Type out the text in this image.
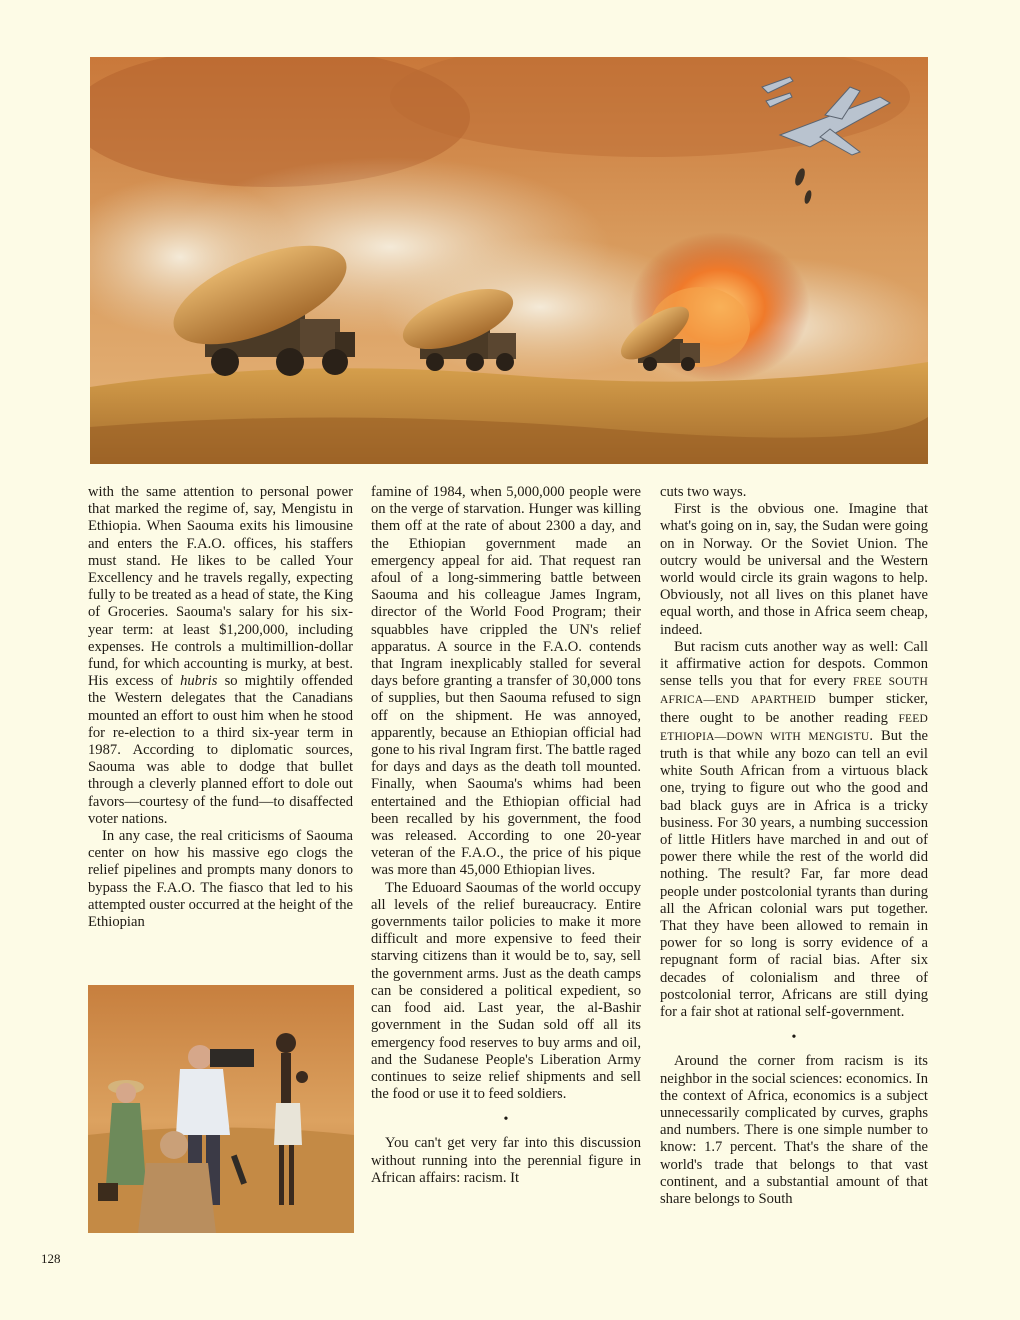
with the same attention to personal power that marked the regime of, say, Mengistu in Ethiopia. When Saouma exits his limousine and enters the F.A.O. offices, his staffers must stand. He likes to be called Your Excellency and he travels regally, expecting fully to be treated as a head of state, the King of Groceries. Saouma's salary for his six-year term: at least $1,200,000, including expenses. He controls a multimillion-dollar fund, for which accounting is murky, at best. His excess of hubris so mightily offended the Western delegates that the Canadians mounted an effort to oust him when he stood for re-election to a third six-year term in 1987. According to diplomatic sources, Saouma was able to dodge that bullet through a cleverly planned effort to dole out favors—courtesy of the fund—to disaffected voter nations.

In any case, the real criticisms of Saouma center on how his massive ego clogs the relief pipelines and prompts many donors to bypass the F.A.O. The fiasco that led to his attempted ouster occurred at the height of the Ethiopian

famine of 1984, when 5,000,000 people were on the verge of starvation. Hunger was killing them off at the rate of about 2300 a day, and the Ethiopian government made an emergency appeal for aid. That request ran afoul of a long-simmering battle between Saouma and his colleague James Ingram, director of the World Food Program; their squabbles have crippled the UN's relief apparatus. A source in the F.A.O. contends that Ingram inexplicably stalled for several days before granting a transfer of 30,000 tons of supplies, but then Saouma refused to sign off on the shipment. He was annoyed, apparently, because an Ethiopian official had gone to his rival Ingram first. The battle raged for days and days as the death toll mounted. Finally, when Saouma's whims had been entertained and the Ethiopian official had been recalled by his government, the food was released. According to one 20-year veteran of the F.A.O., the price of his pique was more than 45,000 Ethiopian lives.

The Eduoard Saoumas of the world occupy all levels of the relief bureaucracy. Entire governments tailor policies to make it more difficult and more expensive to feed their starving citizens than it would be to, say, sell the government arms. Just as the death camps can be considered a political expedient, so can food aid. Last year, the al-Bashir government in the Sudan sold off all its emergency food reserves to buy arms and oil, and the Sudanese People's Liberation Army continues to seize relief shipments and sell the food or use it to feed soldiers.

•

You can't get very far into this discussion without running into the perennial figure in African affairs: racism. It

cuts two ways.

First is the obvious one. Imagine that what's going on in, say, the Sudan were going on in Norway. Or the Soviet Union. The outcry would be universal and the Western world would circle its grain wagons to help. Obviously, not all lives on this planet have equal worth, and those in Africa seem cheap, indeed.

But racism cuts another way as well: Call it affirmative action for despots. Common sense tells you that for every FREE SOUTH AFRICA—END APARTHEID bumper sticker, there ought to be another reading FEED ETHIOPIA—DOWN WITH MENGISTU. But the truth is that while any bozo can tell an evil white South African from a virtuous black one, trying to figure out who the good and bad black guys are in Africa is a tricky business. For 30 years, a numbing succession of little Hitlers have marched in and out of power there while the rest of the world did nothing. The result? Far, far more dead people under postcolonial tyrants than during all the African colonial wars put together. That they have been allowed to remain in power for so long is sorry evidence of a repugnant form of racial bias. After six decades of colonialism and three of postcolonial terror, Africans are still dying for a fair shot at rational self-government.

•

Around the corner from racism is its neighbor in the social sciences: economics. In the context of Africa, economics is a subject unnecessarily complicated by curves, graphs and numbers. There is one simple number to know: 1.7 percent. That's the share of the world's trade that belongs to that vast continent, and a substantial amount of that share belongs to South

128
